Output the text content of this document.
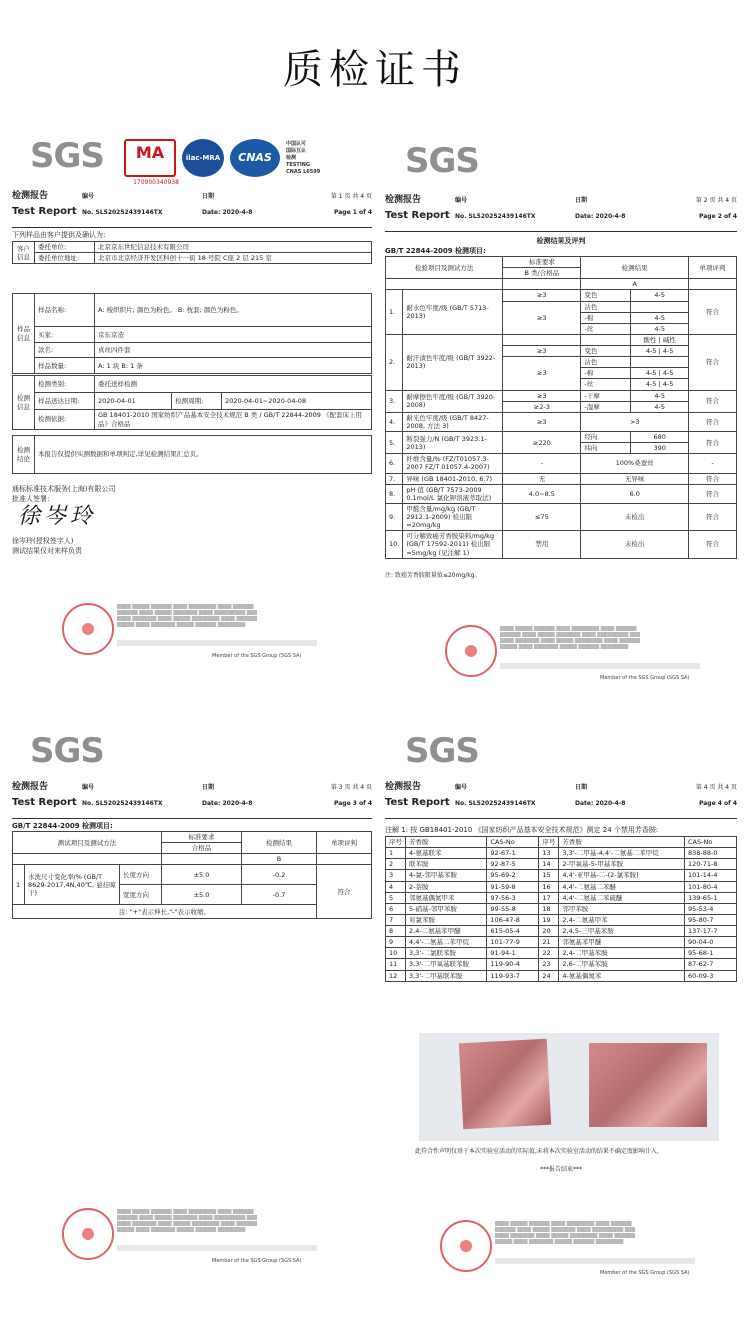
质检证书
SGS	MA
170900340938
ilac-MRA	CNAS
中国认可
国际互认
检测
TESTING
CNAS L6599
检测报告	编号	日期	第 1 页 共 4 页
Test Report No. SL520252439146TX	Date: 2020-4-8	Page 1 of 4
下列样品由客户提供及确认为:
客户信息	委托单位:	北京京东世纪信息技术有限公司
	委托单位地址:	北京市北京经济开发区科创十一街 18 号院 C座 2 层 215 室
样品信息	样品名称:	A: 梭织织片; 颜色为粉色。 B: 枕套; 颜色为粉色。
	买家:	京东京造
	款名:	真丝四件套
	样品数量:	A: 1 块 B: 1 条
检测信息	检测类别:	委托送样检测		
	样品送达日期:	2020-04-01	检测周期:	2020-04-01~2020-04-08
	检测依据:	GB 18401-2010 国家纺织产品基本安全技术规范 B 类 / GB/T 22844-2009 《配套床上用品》合格品		
检测结论	本报告仅提供实测数据和单项判定,详见检测结果汇总页。
通标标准技术服务(上海)有限公司
批准人签署:
徐岑玲
徐岑玲(授权签字人)
测试结果仅对来样负责
▒▒▒▒ ▒▒▒▒▒ ▒▒▒▒▒▒ ▒▒▒▒ ▒▒▒▒▒▒▒▒ ▒▒▒▒ ▒▒▒▒▒▒
▒▒▒▒▒▒ ▒▒▒▒ ▒▒▒▒▒ ▒▒▒▒▒▒▒ ▒▒▒▒ ▒▒▒▒▒▒▒▒▒ ▒▒▒
▒▒▒▒ ▒▒▒▒▒▒▒ ▒▒▒▒ ▒▒▒▒▒ ▒▒▒▒▒▒▒▒ ▒▒▒▒ ▒▒▒▒▒▒
▒▒▒▒▒ ▒▒▒▒ ▒▒▒▒▒▒▒ ▒▒▒▒▒ ▒▒▒▒▒▒ ▒▒▒▒▒▒▒▒
Member of the SGS Group (SGS SA)
SGS
检测报告	编号	日期	第 2 页 共 4 页
Test Report No. SL520252439146TX	Date: 2020-4-8	Page 2 of 4
检测结果及评判
GB/T 22844-2009 检测项目:
检验项目及测试方法		标准要求	检测结果		单项评判
		B 类/合格品			
			A		
1.	耐水色牢度/级 (GB/T 5713-2013)	≥3	变色	4-5	符合
		≥3	沾色		
			-棉	4-5	
			-丝	4-5	
2.	耐汗渍色牢度/级 (GB/T 3922-2013)			酸性 | 碱性	符合
		≥3	变色	4-5 | 4-5	
		≥3	沾色		
			-棉	4-5 | 4-5	
			-丝	4-5 | 4-5	
3.	耐摩擦色牢度/级 (GB/T 3920-2008)	≥3	-干摩	4-5	符合
		≥2-3	-湿摩	4-5	
4.	耐光色牢度/级 (GB/T 8427-2008, 方法 3)	≥3	>3		符合
5.	断裂强力/N (GB/T 3923.1-2013)	≥220	经向	680	符合
			纬向	390	
6.	纤维含量/% (FZ/T01057.3-2007 FZ/T 01057.4-2007)	-	100%桑蚕丝		-
7.	异味 (GB 18401-2010, 6.7)	无	无异味		符合
8.	pH 值 (GB/T 7573-2009 0.1mol/L 氯化钾溶液萃取法)	4.0~8.5	6.0		符合
9.	甲醛含量/mg/kg (GB/T 2912.1-2009) 检出限=20mg/kg	≤75	未检出		符合
10.	可分解致癌芳香胺染料/mg/kg (GB/T 17592-2011) 检出限=5mg/kg (见注解 1)	禁用	未检出		符合
注: 致癌芳香胺限量值≤20mg/kg。
▒▒▒▒ ▒▒▒▒▒ ▒▒▒▒▒▒ ▒▒▒▒ ▒▒▒▒▒▒▒▒ ▒▒▒▒ ▒▒▒▒▒▒
▒▒▒▒▒▒ ▒▒▒▒ ▒▒▒▒▒ ▒▒▒▒▒▒▒ ▒▒▒▒ ▒▒▒▒▒▒▒▒▒ ▒▒▒
▒▒▒▒ ▒▒▒▒▒▒▒ ▒▒▒▒ ▒▒▒▒▒ ▒▒▒▒▒▒▒▒ ▒▒▒▒ ▒▒▒▒▒▒
▒▒▒▒▒ ▒▒▒▒ ▒▒▒▒▒▒▒ ▒▒▒▒▒ ▒▒▒▒▒▒ ▒▒▒▒▒▒▒▒
Member of the SGS Group (SGS SA)
SGS
检测报告	编号	日期	第 3 页 共 4 页
Test Report No. SL520252439146TX	Date: 2020-4-8	Page 3 of 4
GB/T 22844-2009 检测项目:
测试项目及测试方法			标准要求	检测结果	单项评判
			合格品		
				B	
1	水洗尺寸变化率/% (GB/T 8629-2017,4N,40℃, 悬挂晾干)	长度方向	±5.0	-0.2	符合
		宽度方向	±5.0	-0.7	
注: "+"表示伸长,"-"表示收缩。					
▒▒▒▒ ▒▒▒▒▒ ▒▒▒▒▒▒ ▒▒▒▒ ▒▒▒▒▒▒▒▒ ▒▒▒▒ ▒▒▒▒▒▒
▒▒▒▒▒▒ ▒▒▒▒ ▒▒▒▒▒ ▒▒▒▒▒▒▒ ▒▒▒▒ ▒▒▒▒▒▒▒▒▒ ▒▒▒
▒▒▒▒ ▒▒▒▒▒▒▒ ▒▒▒▒ ▒▒▒▒▒ ▒▒▒▒▒▒▒▒ ▒▒▒▒ ▒▒▒▒▒▒
▒▒▒▒▒ ▒▒▒▒ ▒▒▒▒▒▒▒ ▒▒▒▒▒ ▒▒▒▒▒▒ ▒▒▒▒▒▒▒▒
Member of the SGS Group (SGS SA)
SGS
检测报告	编号	日期	第 4 页 共 4 页
Test Report No. SL520252439146TX	Date: 2020-4-8	Page 4 of 4
注解 1: 按 GB18401-2010 《国家纺织产品基本安全技术规范》测定 24 个禁用芳香胺:
序号	芳香胺	CAS-No	序号	芳香胺	CAS-No
1	4-氨基联苯	92-67-1	13	3,3'-二甲基-4,4'-二氨基二苯甲烷	838-88-0
2	联苯胺	92-87-5	14	2-甲氧基-5-甲基苯胺	120-71-8
3	4-氯-邻甲基苯胺	95-69-2	15	4,4'-亚甲基-二-(2-氯苯胺)	101-14-4
4	2-萘胺	91-59-8	16	4,4'-二氨基二苯醚	101-80-4
5	邻氨基偶氮甲苯	97-56-3	17	4,4'-二氨基二苯硫醚	139-65-1
6	5-硝基-邻甲苯胺	99-55-8	18	邻甲苯胺	95-53-4
7	对氯苯胺	106-47-8	19	2,4-二氨基甲苯	95-80-7
8	2,4-二氨基苯甲醚	615-05-4	20	2,4,5-三甲基苯胺	137-17-7
9	4,4'-二氨基二苯甲烷	101-77-9	21	邻氨基苯甲醚	90-04-0
10	3,3'-二氯联苯胺	91-94-1	22	2,4-二甲基苯胺	95-68-1
11	3,3'-二甲氧基联苯胺	119-90-4	23	2,6-二甲基苯胺	87-62-7
12	3,3'-二甲基联苯胺	119-93-7	24	4-氨基偶氮苯	60-09-3
此符合性声明仅基于本次实验室活动的实际值,未将本次实验室活动的结果不确定度影响计入。
***报告结束***
▒▒▒▒ ▒▒▒▒▒ ▒▒▒▒▒▒ ▒▒▒▒ ▒▒▒▒▒▒▒▒ ▒▒▒▒ ▒▒▒▒▒▒
▒▒▒▒▒▒ ▒▒▒▒ ▒▒▒▒▒ ▒▒▒▒▒▒▒ ▒▒▒▒ ▒▒▒▒▒▒▒▒▒ ▒▒▒
▒▒▒▒ ▒▒▒▒▒▒▒ ▒▒▒▒ ▒▒▒▒▒ ▒▒▒▒▒▒▒▒ ▒▒▒▒ ▒▒▒▒▒▒
▒▒▒▒▒ ▒▒▒▒ ▒▒▒▒▒▒▒ ▒▒▒▒▒ ▒▒▒▒▒▒ ▒▒▒▒▒▒▒▒
Member of the SGS Group (SGS SA)
